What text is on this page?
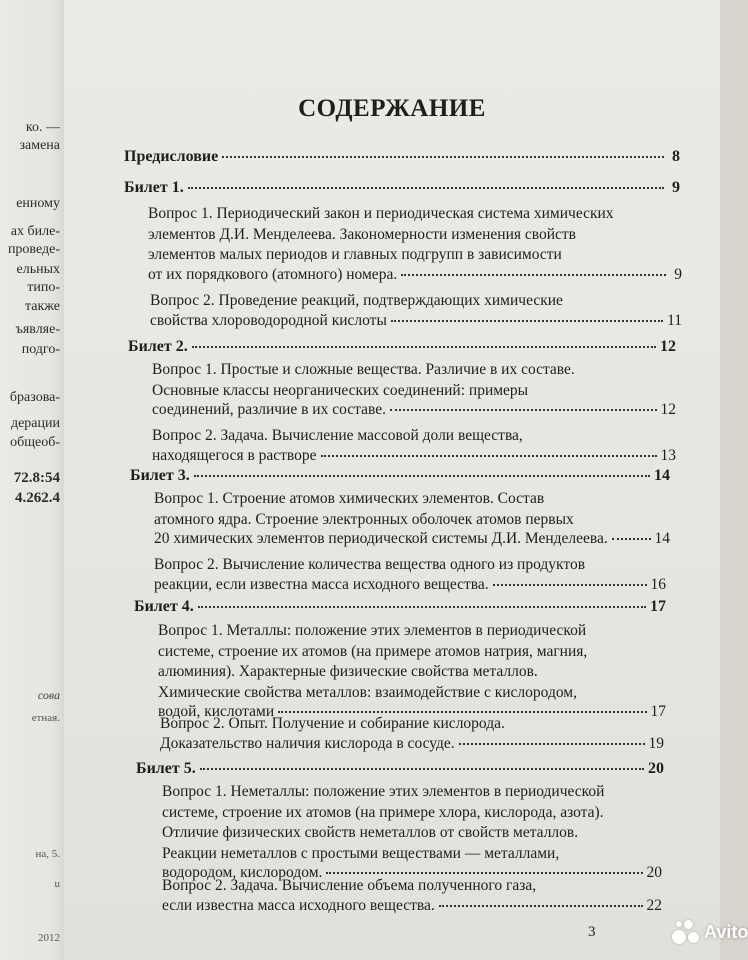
ко. —
замена
енному
ах биле-
проведе-
ельных
типо-
также
ъявляе-
подго-
бразова-
дерации
общеоб-
72.8:54
4.262.4
сова
етная.
на, 5.
u
2012

СОДЕРЖАНИЕ
Предисловие	8
Билет 1.	9
Вопрос 1. Периодический закон и периодическая система химических
элементов Д.И. Менделеева. Закономерности изменения свойств
элементов малых периодов и главных подгрупп в зависимости
от их порядкового (атомного) номера.	9
Вопрос 2. Проведение реакций, подтверждающих химические
свойства хлороводородной кислоты	11
Билет 2.	12
Вопрос 1. Простые и сложные вещества. Различие в их составе.
Основные классы неорганических соединений: примеры
соединений, различие в их составе.	12
Вопрос 2. Задача. Вычисление массовой доли вещества,
находящегося в растворе	13
Билет 3.	14
Вопрос 1. Строение атомов химических элементов. Состав
атомного ядра. Строение электронных оболочек атомов первых
20 химических элементов периодической системы Д.И. Менделеева.	14
Вопрос 2. Вычисление количества вещества одного из продуктов
реакции, если известна масса исходного вещества.	16
Билет 4.	17
Вопрос 1. Металлы: положение этих элементов в периодической
системе, строение их атомов (на примере атомов натрия, магния,
алюминия). Характерные физические свойства металлов.
Химические свойства металлов: взаимодействие с кислородом,
водой, кислотами	17
Вопрос 2. Опыт. Получение и собирание кислорода.
Доказательство наличия кислорода в сосуде.	19
Билет 5.	20
Вопрос 1. Неметаллы: положение этих элементов в периодической
системе, строение их атомов (на примере хлора, кислорода, азота).
Отличие физических свойств неметаллов от свойств металлов.
Реакции неметаллов с простыми веществами — металлами,
водородом, кислородом.	20
Вопрос 2. Задача. Вычисление объема полученного газа,
если известна масса исходного вещества.	22
3	Avito
